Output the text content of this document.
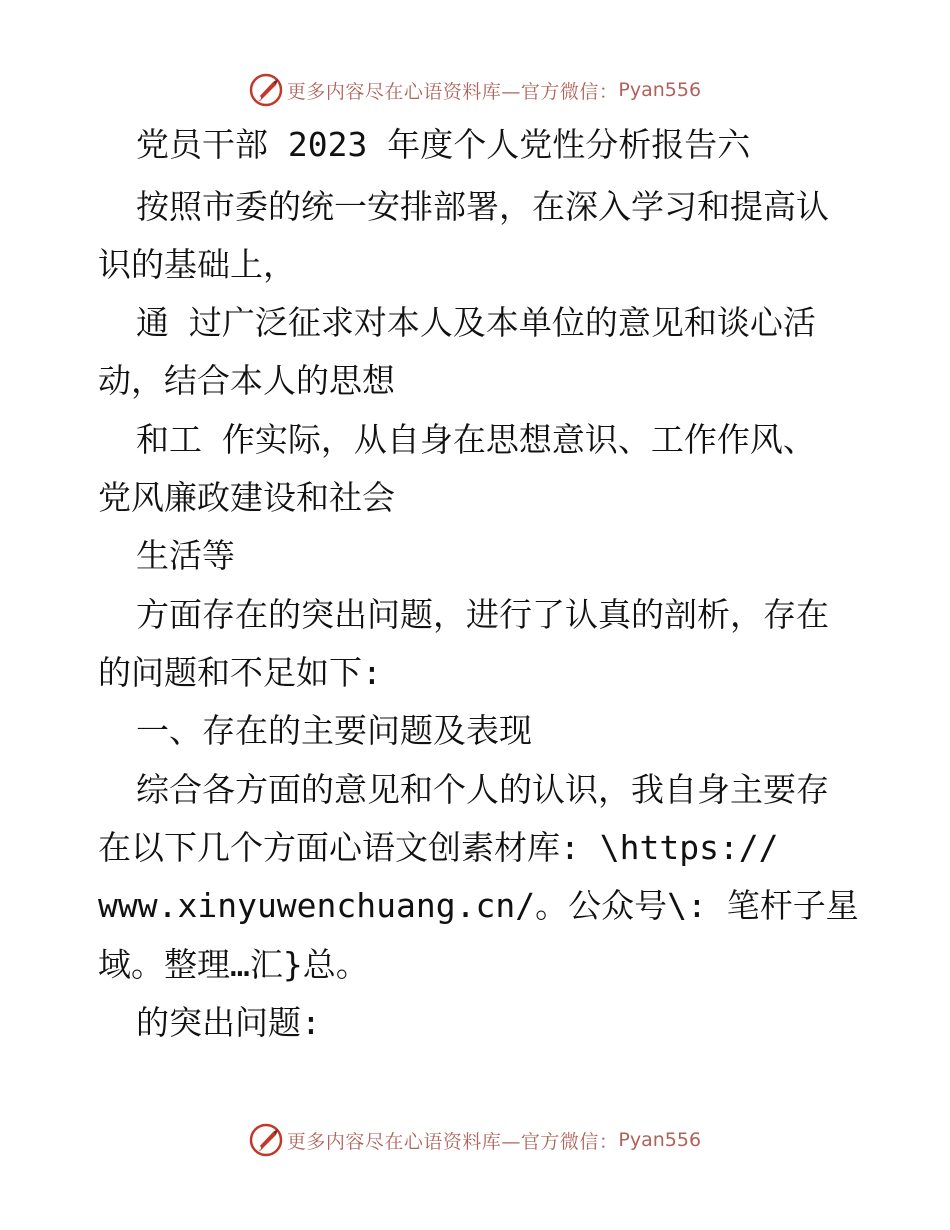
更多内容尽在心语资料库—官方微信： Pyan556
党员干部 2023 年度个人党性分析报告六
按照市委的统一安排部署，在深入学习和提高认
识的基础上，
通 过广泛征求对本人及本单位的意见和谈心活
动，结合本人的思想
和工 作实际，从自身在思想意识、工作作风、
党风廉政建设和社会
生活等
方面存在的突出问题，进行了认真的剖析，存在
的问题和不足如下:
一、存在的主要问题及表现
综合各方面的意见和个人的认识，我自身主要存
在以下几个方面心语文创素材库: \https://
www.xinyuwenchuang.cn/。公众号\: 笔杆子星
域。整理…汇}总。
的突出问题:
更多内容尽在心语资料库—官方微信： Pyan556
